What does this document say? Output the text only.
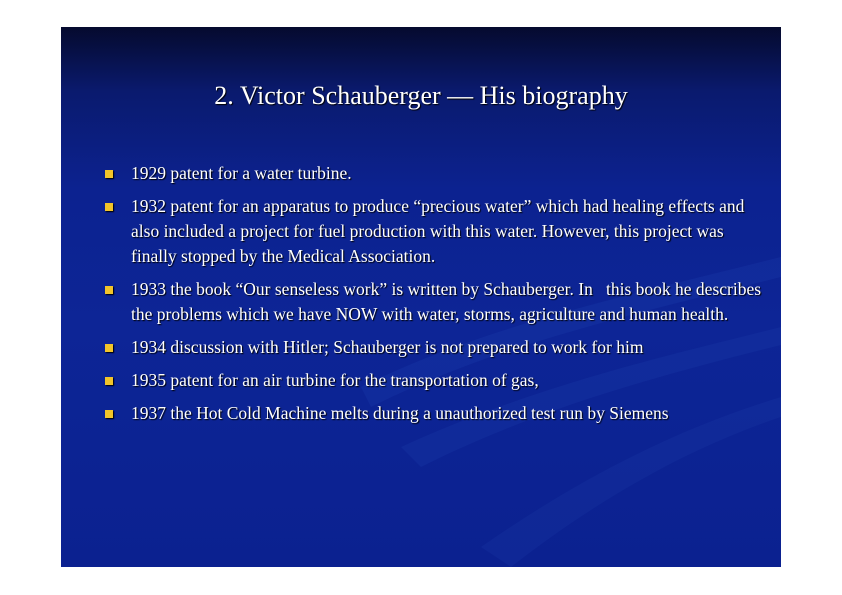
2. Victor Schauberger — His biography
1929 patent for a water turbine.
1932 patent for an apparatus to produce “precious water” which had healing effects and also included a project for fuel production with this water. However, this project was finally stopped by the Medical Association.
1933 the book “Our senseless work” is written by Schauberger. In   this book he describes the problems which we have NOW with water, storms, agriculture and human health.
1934 discussion with Hitler; Schauberger is not prepared to work for him
1935 patent for an air turbine for the transportation of gas,
1937 the Hot Cold Machine melts during a unauthorized test run by Siemens
